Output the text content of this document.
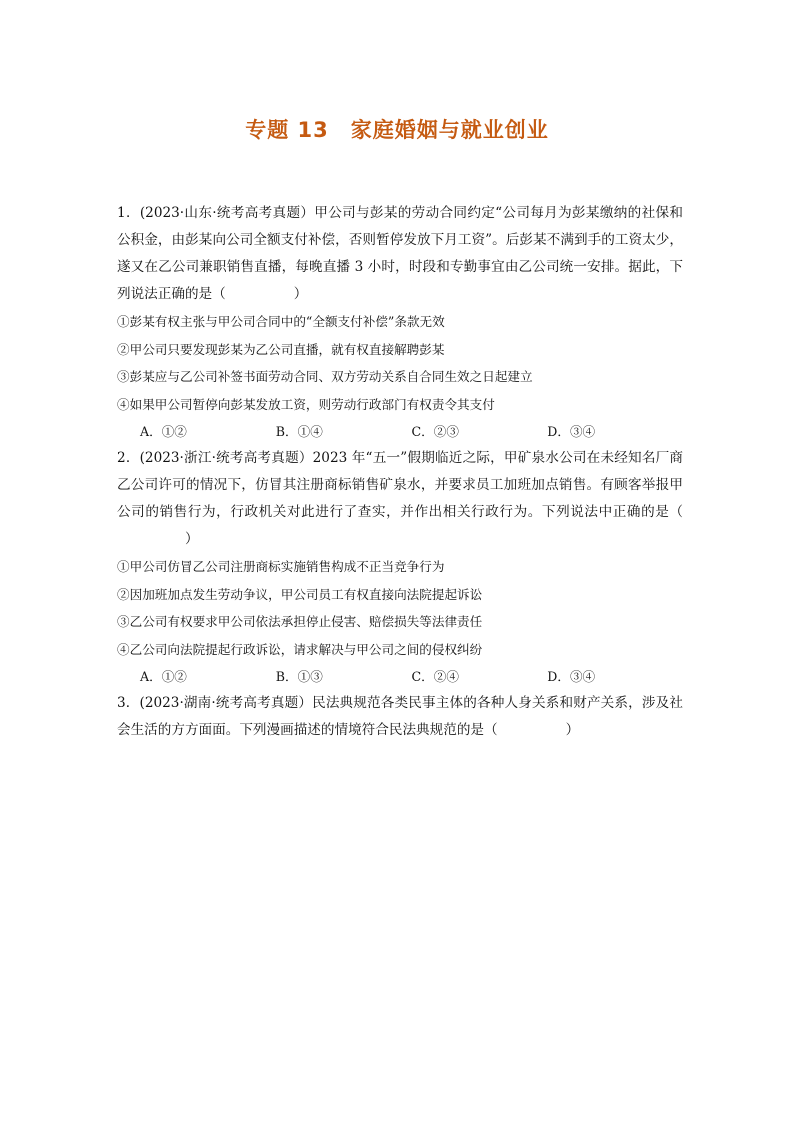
专题 13　家庭婚姻与就业创业

1．(2023·山东·统考高考真题）甲公司与彭某的劳动合同约定“公司每月为彭某缴纳的社保和公积金，由彭某向公司全额支付补偿，否则暂停发放下月工资”。后彭某不满到手的工资太少，遂又在乙公司兼职销售直播，每晚直播 3 小时，时段和专勤事宜由乙公司统一安排。据此，下列说法正确的是（	）

①彭某有权主张与甲公司合同中的“全额支付补偿”条款无效

②甲公司只要发现彭某为乙公司直播，就有权直接解聘彭某

③彭某应与乙公司补签书面劳动合同、双方劳动关系自合同生效之日起建立

④如果甲公司暂停向彭某发放工资，则劳动行政部门有权责令其支付

A．①②	B．①④	C．②③	D．③④

2．(2023·浙江·统考高考真题）2023 年“五一”假期临近之际，甲矿泉水公司在未经知名厂商乙公司许可的情况下，仿冒其注册商标销售矿泉水，并要求员工加班加点销售。有顾客举报甲公司的销售行为，行政机关对此进行了查实，并作出相关行政行为。下列说法中正确的是（）

①甲公司仿冒乙公司注册商标实施销售构成不正当竞争行为

②因加班加点发生劳动争议，甲公司员工有权直接向法院提起诉讼

③乙公司有权要求甲公司依法承担停止侵害、赔偿损失等法律责任

④乙公司向法院提起行政诉讼，请求解决与甲公司之间的侵权纠纷

A．①②	B．①③	C．②④	D．③④

3．(2023·湖南·统考高考真题）民法典规范各类民事主体的各种人身关系和财产关系，涉及社会生活的方方面面。下列漫画描述的情境符合民法典规范的是（	）
